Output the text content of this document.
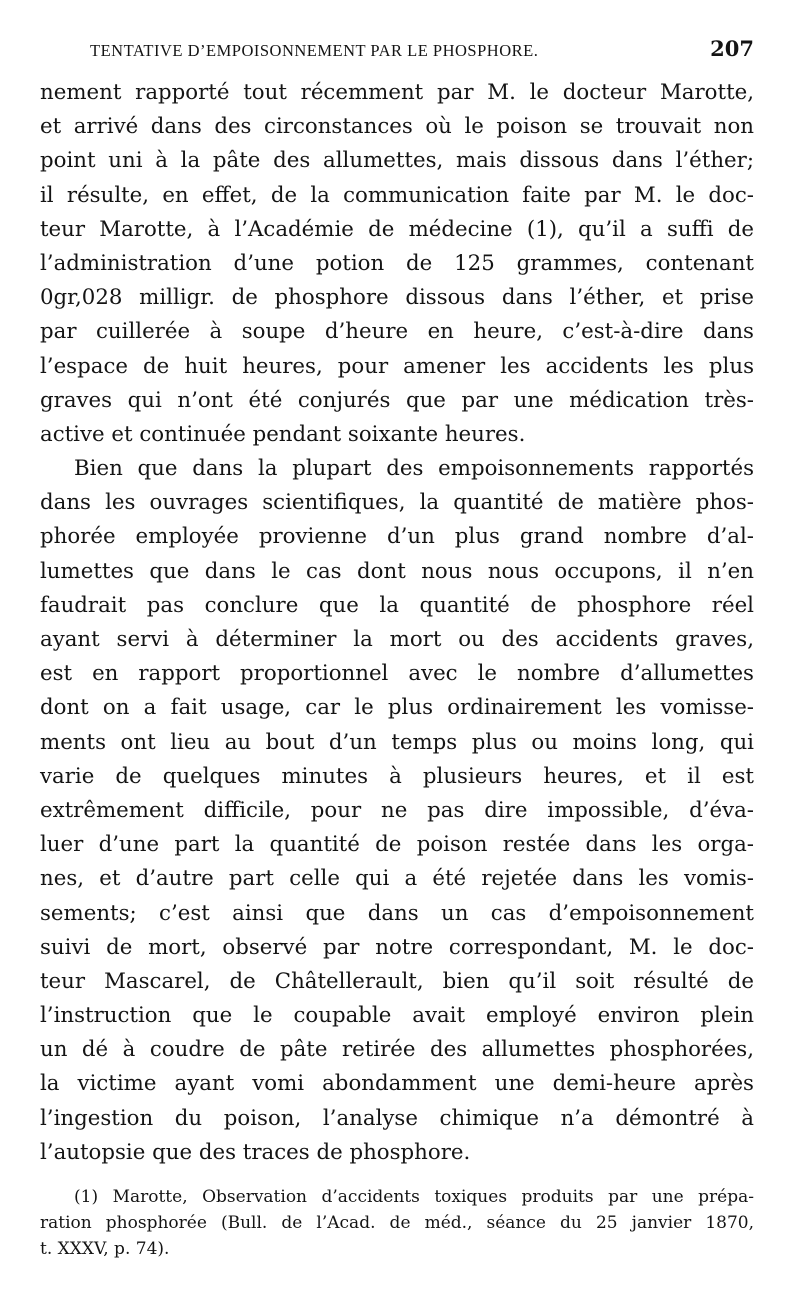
TENTATIVE D’EMPOISONNEMENT PAR LE PHOSPHORE.	207
nement rapporté tout récemment par M. le docteur Marotte,
et arrivé dans des circonstances où le poison se trouvait non
point uni à la pâte des allumettes, mais dissous dans l’éther;
il résulte, en effet, de la communication faite par M. le doc-
teur Marotte, à l’Académie de médecine (1), qu’il a suffi de
l’administration d’une potion de 125 grammes, contenant
0gr,028 milligr. de phosphore dissous dans l’éther, et prise
par cuillerée à soupe d’heure en heure, c’est-à-dire dans
l’espace de huit heures, pour amener les accidents les plus
graves qui n’ont été conjurés que par une médication très-
active et continuée pendant soixante heures.
Bien que dans la plupart des empoisonnements rapportés
dans les ouvrages scientifiques, la quantité de matière phos-
phorée employée provienne d’un plus grand nombre d’al-
lumettes que dans le cas dont nous nous occupons, il n’en
faudrait pas conclure que la quantité de phosphore réel
ayant servi à déterminer la mort ou des accidents graves,
est en rapport proportionnel avec le nombre d’allumettes
dont on a fait usage, car le plus ordinairement les vomisse-
ments ont lieu au bout d’un temps plus ou moins long, qui
varie de quelques minutes à plusieurs heures, et il est
extrêmement difficile, pour ne pas dire impossible, d’éva-
luer d’une part la quantité de poison restée dans les orga-
nes, et d’autre part celle qui a été rejetée dans les vomis-
sements; c’est ainsi que dans un cas d’empoisonnement
suivi de mort, observé par notre correspondant, M. le doc-
teur Mascarel, de Châtellerault, bien qu’il soit résulté de
l’instruction que le coupable avait employé environ plein
un dé à coudre de pâte retirée des allumettes phosphorées,
la victime ayant vomi abondamment une demi-heure après
l’ingestion du poison, l’analyse chimique n’a démontré à
l’autopsie que des traces de phosphore.
(1) Marotte, Observation d’accidents toxiques produits par une prépa-
ration phosphorée (Bull. de l’Acad. de méd., séance du 25 janvier 1870,
t. XXXV, p. 74).
